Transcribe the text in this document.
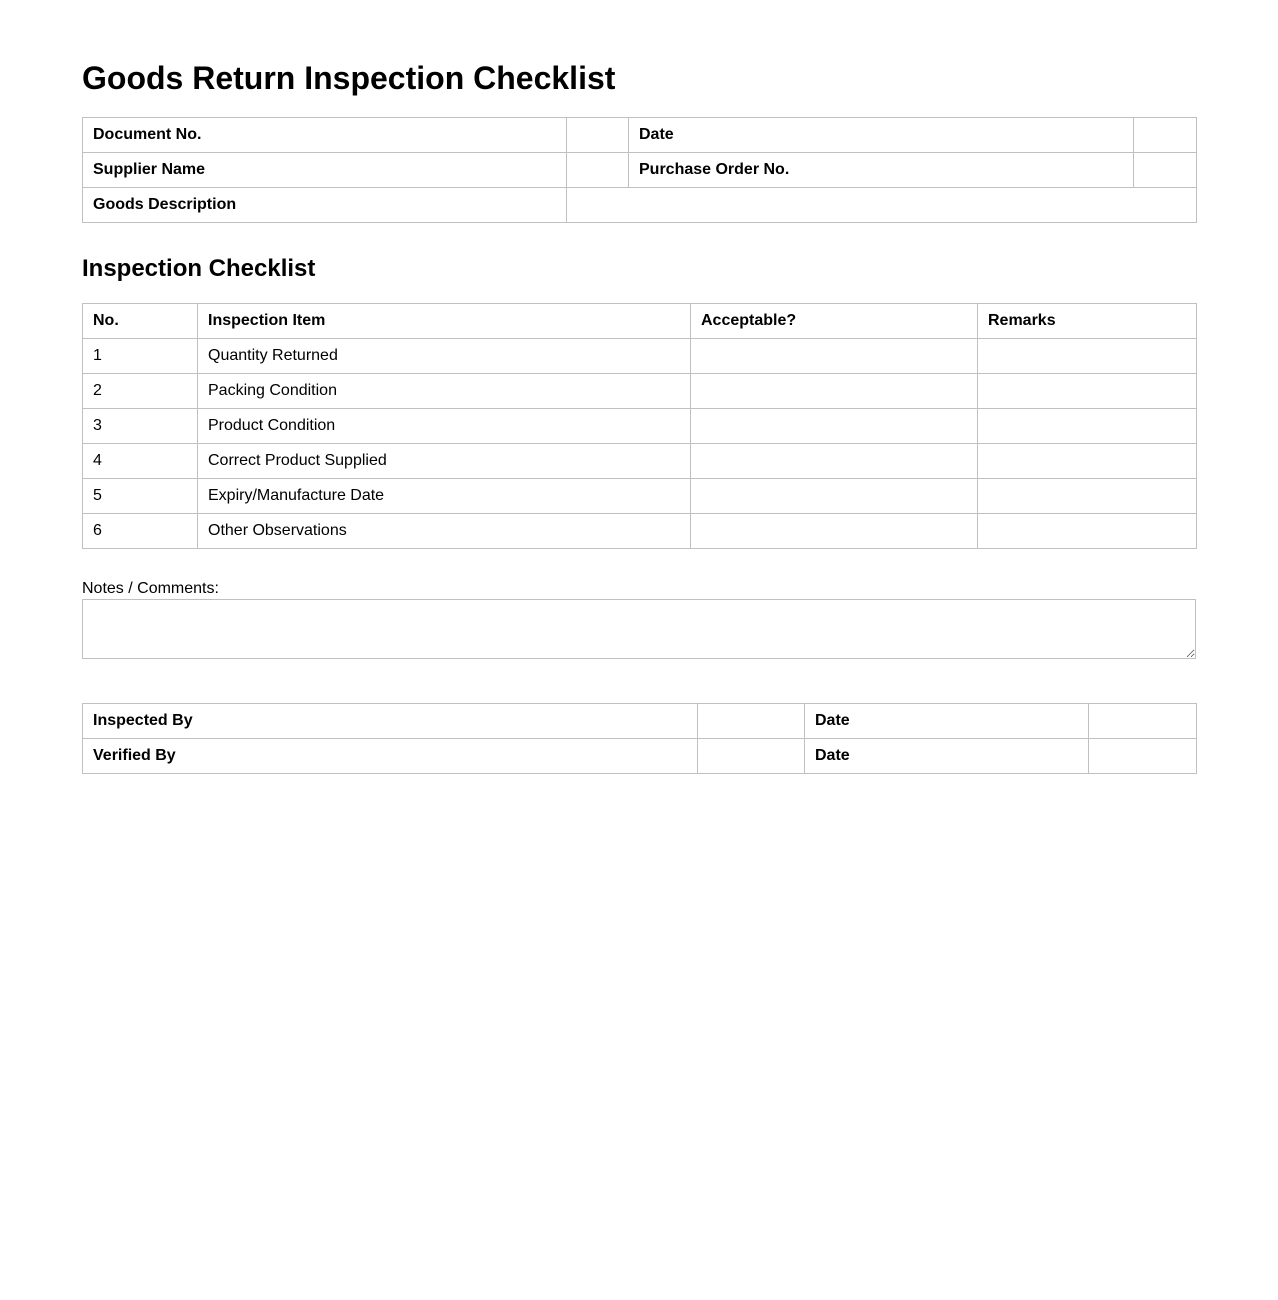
Goods Return Inspection Checklist
Document No.		Date	
Supplier Name		Purchase Order No.	
Goods Description			
Inspection Checklist
No.	Inspection Item	Acceptable?	Remarks
1	Quantity Returned		
2	Packing Condition		
3	Product Condition		
4	Correct Product Supplied		
5	Expiry/Manufacture Date		
6	Other Observations		
Notes / Comments:
Inspected By		Date	
Verified By		Date	
